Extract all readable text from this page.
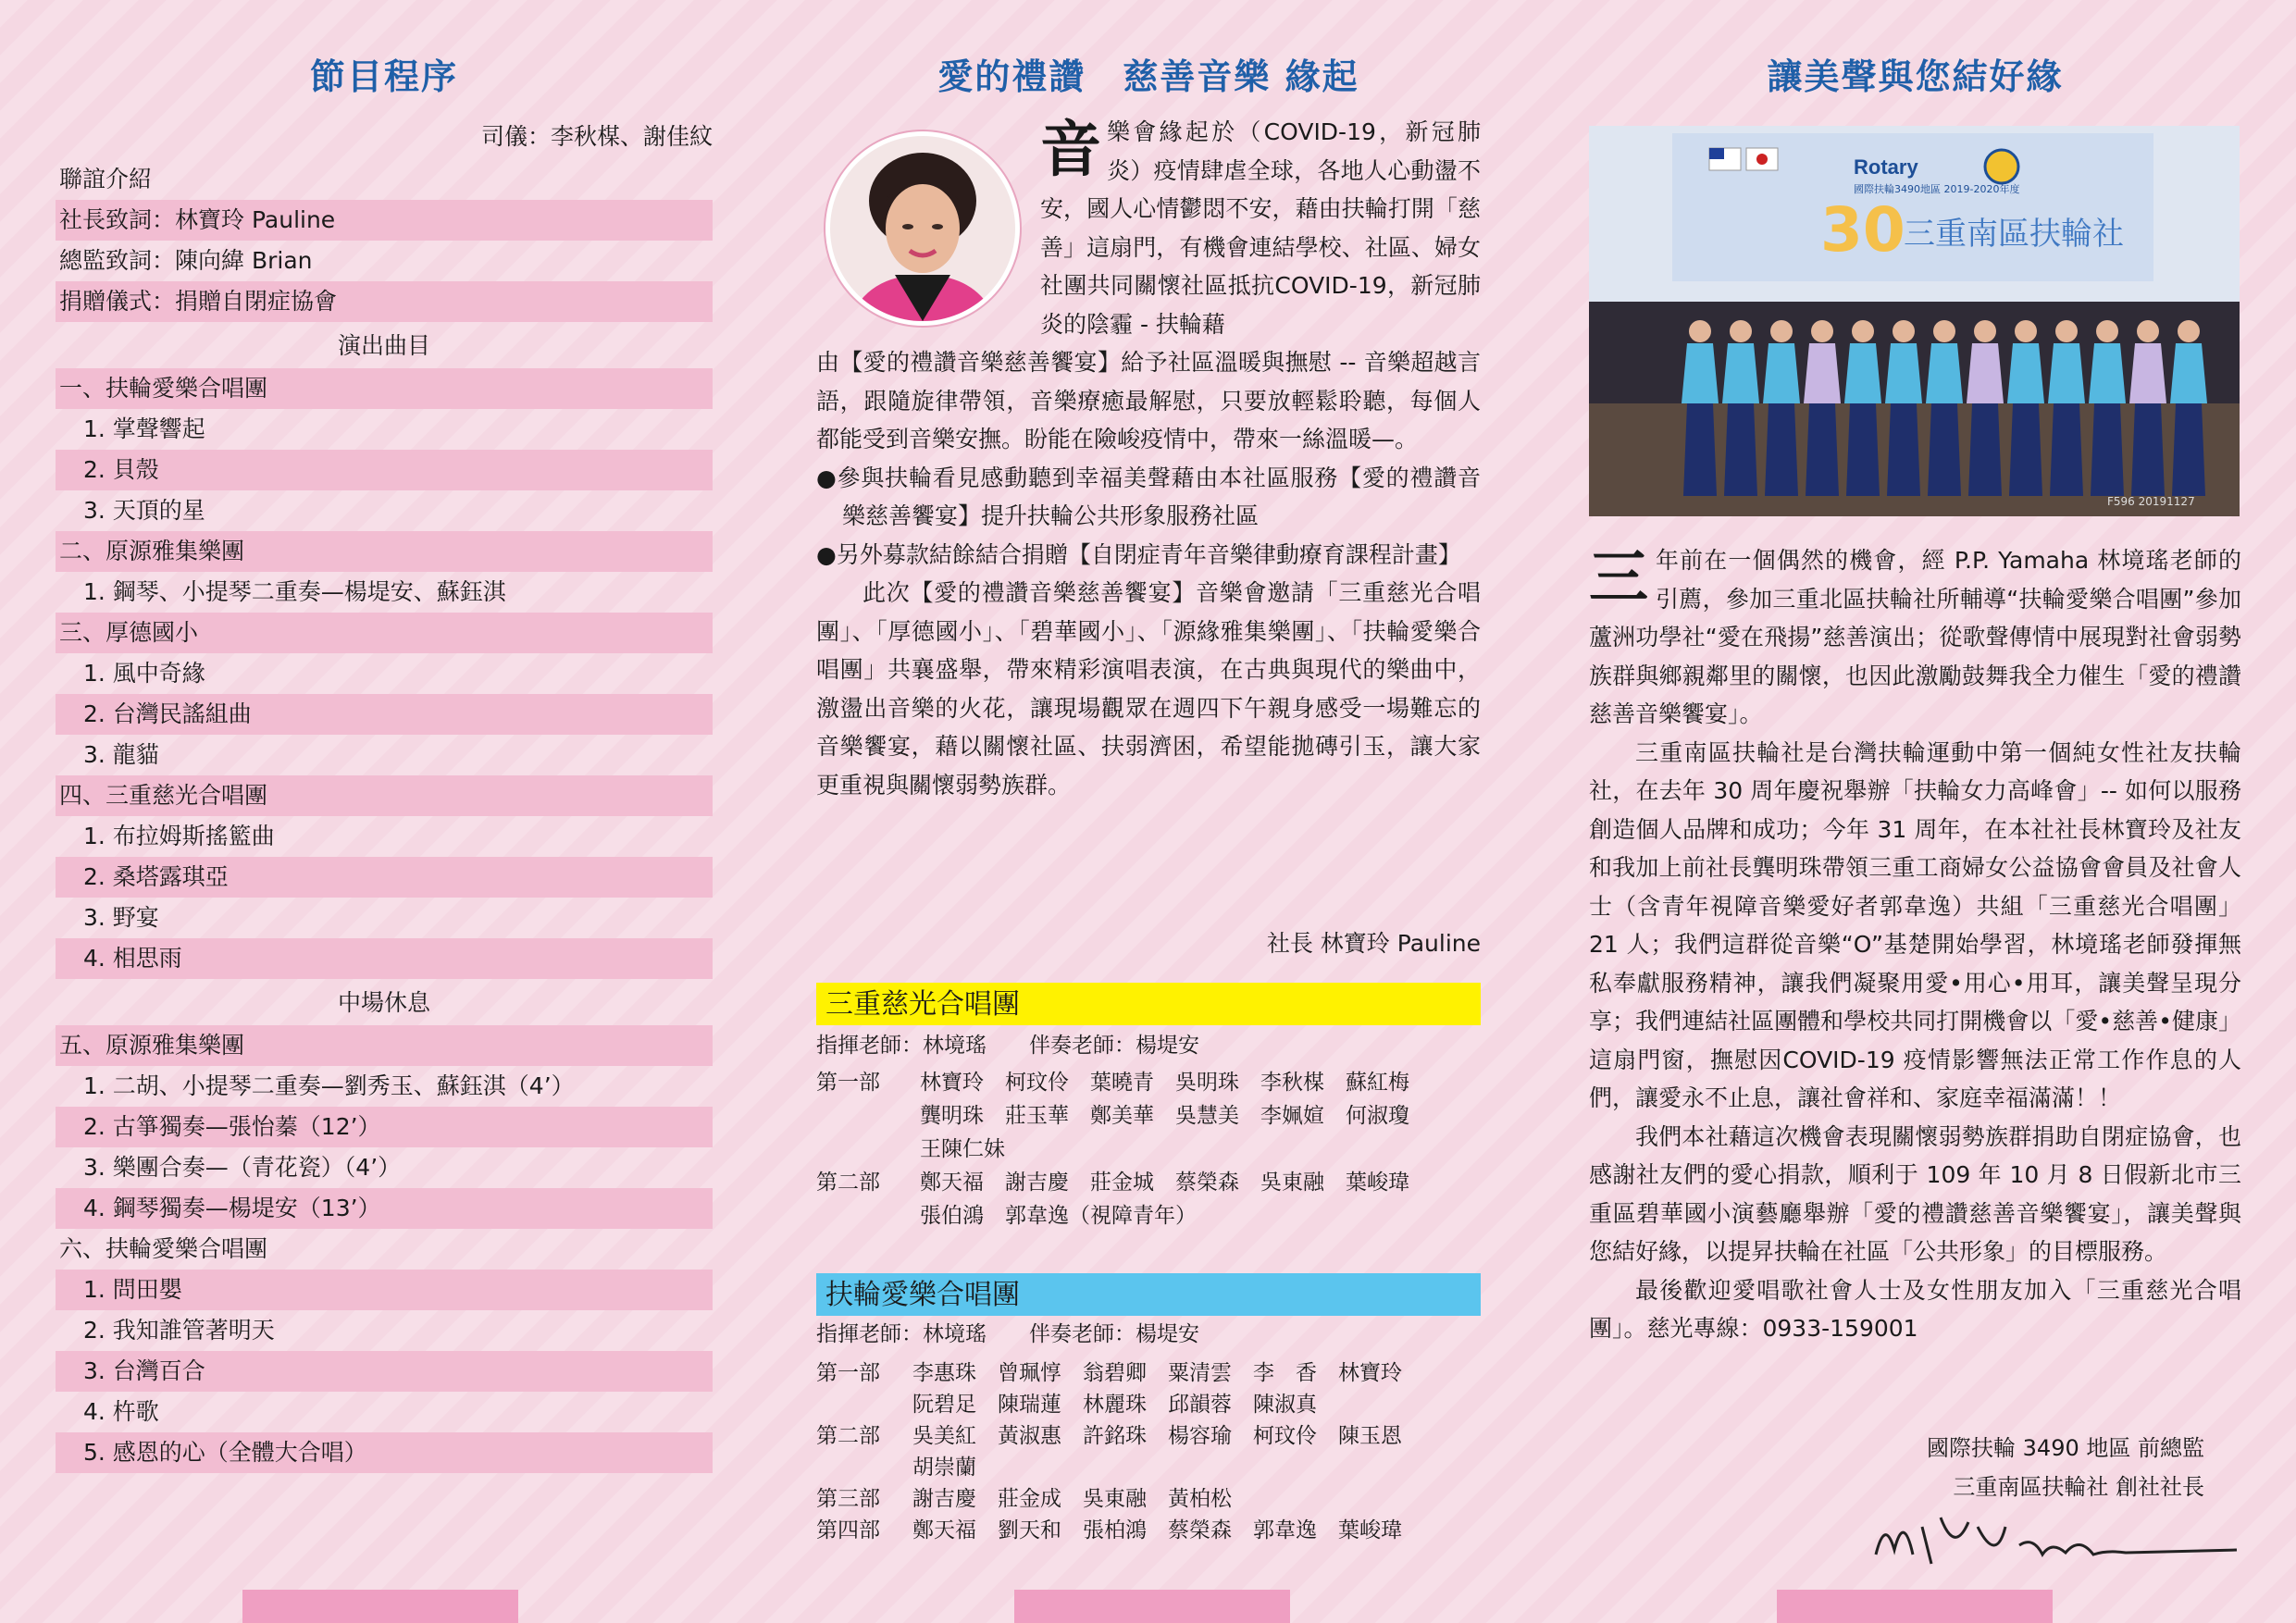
節目程序
司儀：李秋楳、謝佳紋
聯誼介紹
社長致詞：林寶玲 Pauline
總監致詞：陳向緯 Brian
捐贈儀式：捐贈自閉症協會
演出曲目
一、扶輪愛樂合唱團
1. 掌聲響起
2. 貝殼
3. 天頂的星
二、原源雅集樂團
1. 鋼琴、小提琴二重奏—楊堤安、蘇鈺淇
三、厚德國小
1. 風中奇緣
2. 台灣民謠組曲
3. 龍貓
四、三重慈光合唱團
1. 布拉姆斯搖籃曲
2. 桑塔露琪亞
3. 野宴
4. 相思雨
中場休息
五、原源雅集樂團
1. 二胡、小提琴二重奏—劉秀玉、蘇鈺淇（4’）
2. 古箏獨奏—張怡蓁（12’）
3. 樂團合奏—（青花瓷）（4’）
4. 鋼琴獨奏—楊堤安（13’）
六、扶輪愛樂合唱團
1. 問田嬰
2. 我知誰管著明天
3. 台灣百合
4. 杵歌
5. 感恩的心（全體大合唱）
愛的禮讚　慈善音樂 緣起
音樂會緣起於（COVID-19，新冠肺炎）疫情肆虐全球，各地人心動盪不安，國人心情鬱悶不安，藉由扶輪打開「慈善」這扇門，有機會連結學校、社區、婦女社團共同關懷社區抵抗COVID-19，新冠肺炎的陰霾 - 扶輪藉
由【愛的禮讚音樂慈善饗宴】給予社區溫暖與撫慰 -- 音樂超越言語，跟隨旋律帶領，音樂療癒最解慰，只要放輕鬆聆聽，每個人都能受到音樂安撫。盼能在險峻疫情中，帶來一絲溫暖—。
●參與扶輪看見感動聽到幸福美聲藉由本社區服務【愛的禮讚音樂慈善饗宴】提升扶輪公共形象服務社區
●另外募款結餘結合捐贈【自閉症青年音樂律動療育課程計畫】
此次【愛的禮讚音樂慈善饗宴】音樂會邀請「三重慈光合唱團」、「厚德國小」、「碧華國小」、「源緣雅集樂團」、「扶輪愛樂合唱團」共襄盛舉，帶來精彩演唱表演，在古典與現代的樂曲中，激盪出音樂的火花，讓現場觀眾在週四下午親身感受一場難忘的音樂饗宴，藉以關懷社區、扶弱濟困，希望能拋磚引玉，讓大家更重視與關懷弱勢族群。
社長 林寶玲 Pauline
三重慈光合唱團
指揮老師：林境瑤　　伴奏老師：楊堤安
第一部 林寶玲　柯玟伶　葉曉青　吳明珠　李秋楳　蘇紅梅
龔明珠　莊玉華　鄭美華　吳慧美　李姵媗　何淑瓊
王陳仁妹
第二部 鄭天福　謝吉慶　莊金城　蔡榮森　吳東融　葉峻瑋
張伯鴻　郭韋逸（視障青年）
扶輪愛樂合唱團
指揮老師：林境瑤　　伴奏老師：楊堤安
第一部 李惠珠　曾珮惇　翁碧卿　粟清雲　李　香　林寶玲
阮碧足　陳瑞蓮　林麗珠　邱韻蓉　陳淑真
第二部 吳美紅　黃淑惠　許銘珠　楊容瑜　柯玟伶　陳玉恩
胡崇蘭
第三部 謝吉慶　莊金成　吳東融　黃柏松
第四部 鄭天福　劉天和　張柏鴻　蔡榮森　郭韋逸　葉峻瑋
讓美聲與您結好緣
Rotary
國際扶輪3490地區 2019-2020年度
30
三重南區扶輪社
F596 20191127
三年前在一個偶然的機會，經 P.P. Yamaha 林境瑤老師的引薦，參加三重北區扶輪社所輔導“扶輪愛樂合唱團”參加蘆洲功學社“愛在飛揚”慈善演出；從歌聲傳情中展現對社會弱勢族群與鄉親鄰里的關懷，也因此激勵鼓舞我全力催生「愛的禮讚慈善音樂饗宴」。
三重南區扶輪社是台灣扶輪運動中第一個純女性社友扶輪社，在去年 30 周年慶祝舉辦「扶輪女力高峰會」-- 如何以服務創造個人品牌和成功；今年 31 周年，在本社社長林寶玲及社友和我加上前社長龔明珠帶領三重工商婦女公益協會會員及社會人士（含青年視障音樂愛好者郭韋逸）共組「三重慈光合唱團」21 人；我們這群從音樂“O”基楚開始學習，林境瑤老師發揮無私奉獻服務精神，讓我們凝聚用愛•用心•用耳，讓美聲呈現分享；我們連結社區團體和學校共同打開機會以「愛•慈善•健康」這扇門窗，撫慰因COVID-19 疫情影響無法正常工作作息的人們，讓愛永不止息，讓社會祥和、家庭幸福滿滿！！
我們本社藉這次機會表現關懷弱勢族群捐助自閉症協會，也感謝社友們的愛心捐款，順利于 109 年 10 月 8 日假新北市三重區碧華國小演藝廳舉辦「愛的禮讚慈善音樂饗宴」，讓美聲與您結好緣，以提昇扶輪在社區「公共形象」的目標服務。
最後歡迎愛唱歌社會人士及女性朋友加入「三重慈光合唱團」。慈光專線：0933-159001
國際扶輪 3490 地區 前總監
三重南區扶輪社 創社社長
